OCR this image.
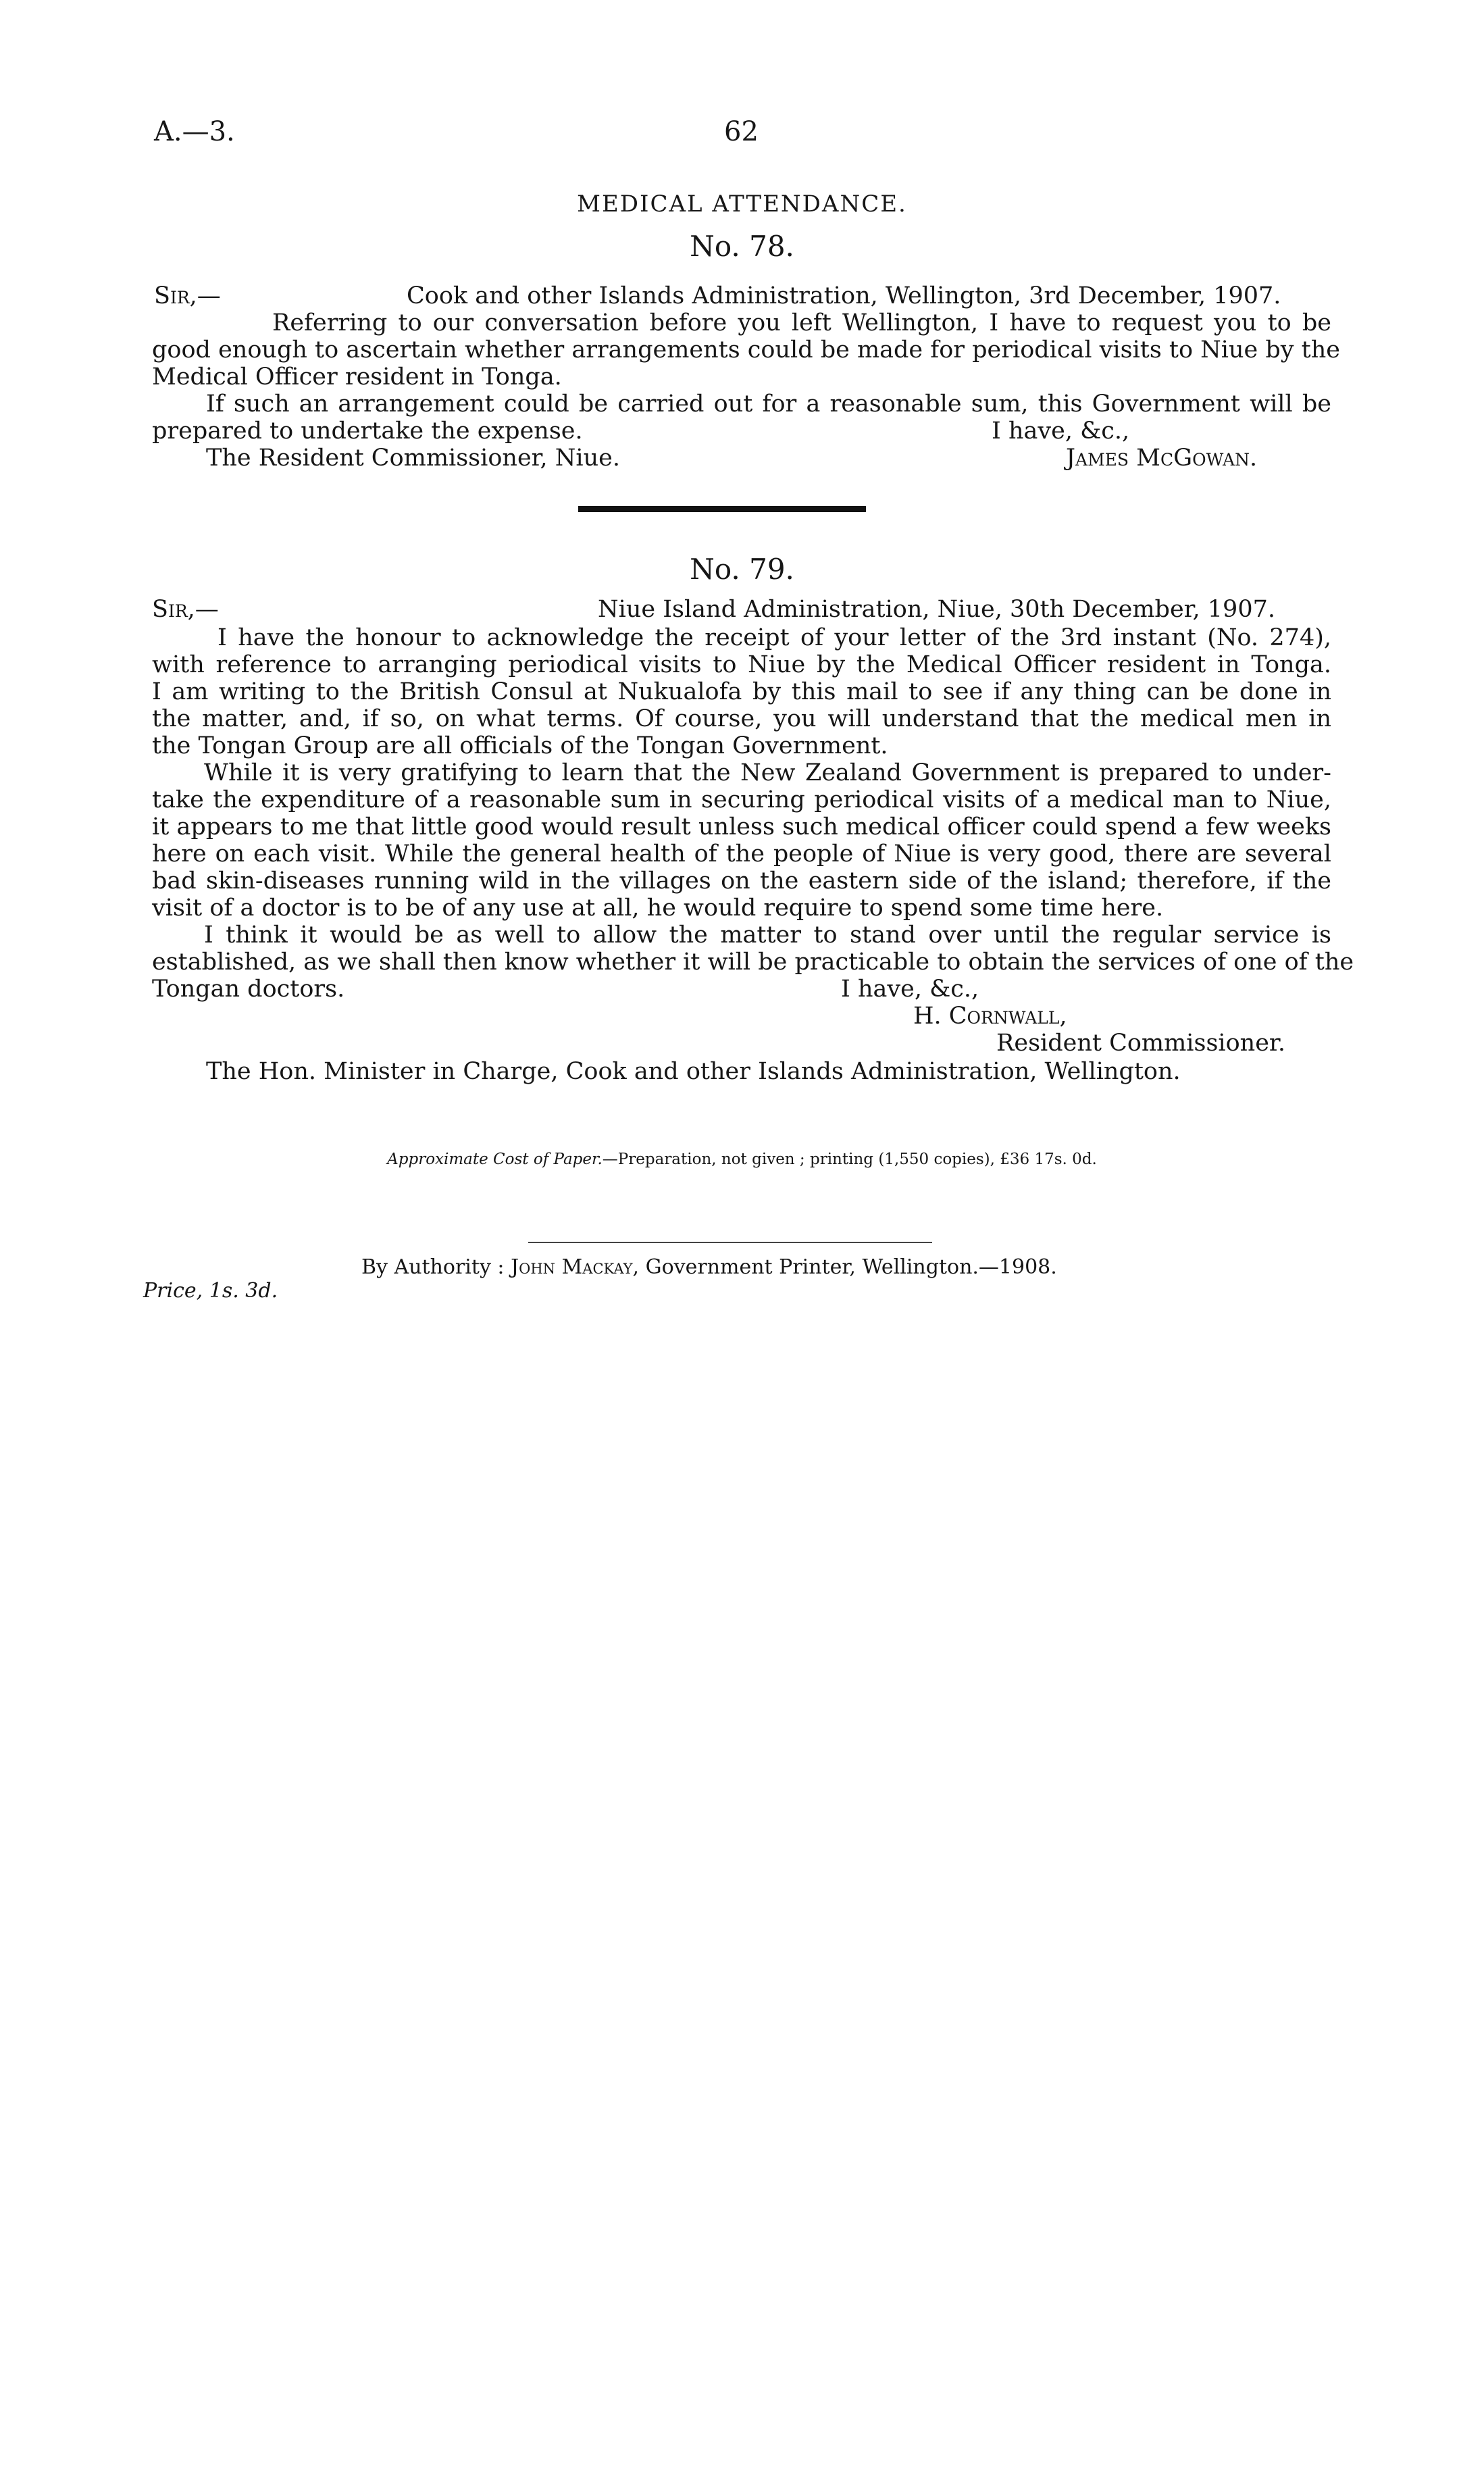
A.—3.	62
MEDICAL ATTENDANCE.
No. 78.
Sir,—	Cook and other Islands Administration, Wellington, 3rd December, 1907.
Referring to our conversation before you left Wellington, I have to request you to be
good enough to ascertain whether arrangements could be made for periodical visits to Niue by the
Medical Officer resident in Tonga.
If such an arrangement could be carried out for a reasonable sum, this Government will be
prepared to undertake the expense.	I have, &c.,
The Resident Commissioner, Niue.	James McGowan.
No. 79.
Sir,—	Niue Island Administration, Niue, 30th December, 1907.
I have the honour to acknowledge the receipt of your letter of the 3rd instant (No. 274),
with reference to arranging periodical visits to Niue by the Medical Officer resident in Tonga.
I am writing to the British Consul at Nukualofa by this mail to see if any thing can be done in
the matter, and, if so, on what terms. Of course, you will understand that the medical men in
the Tongan Group are all officials of the Tongan Government.
While it is very gratifying to learn that the New Zealand Government is prepared to under-
take the expenditure of a reasonable sum in securing periodical visits of a medical man to Niue,
it appears to me that little good would result unless such medical officer could spend a few weeks
here on each visit. While the general health of the people of Niue is very good, there are several
bad skin-diseases running wild in the villages on the eastern side of the island; therefore, if the
visit of a doctor is to be of any use at all, he would require to spend some time here.
I think it would be as well to allow the matter to stand over until the regular service is
established, as we shall then know whether it will be practicable to obtain the services of one of the
Tongan doctors.	I have, &c.,
H. Cornwall,
Resident Commissioner.
The Hon. Minister in Charge, Cook and other Islands Administration, Wellington.
Approximate Cost of Paper.—Preparation, not given ; printing (1,550 copies), £36 17s. 0d.
By Authority : John Mackay, Government Printer, Wellington.—1908.
Price, 1s. 3d.
